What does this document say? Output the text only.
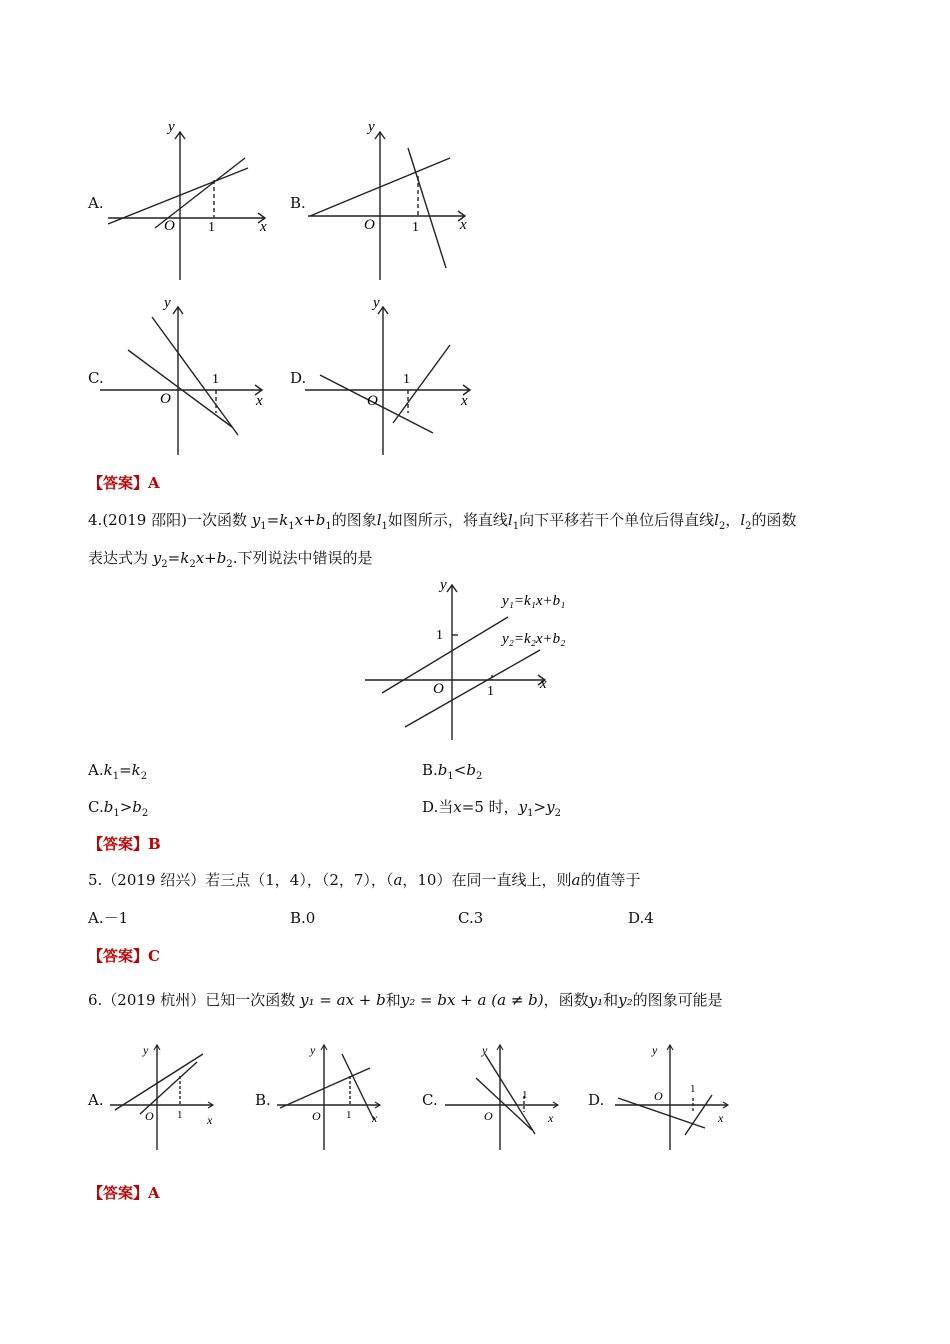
A.
y
x
O 1
B.
y
x
O	1
C.
y
x
O
1	D.
y
x
O
1
【答案】A
4.(2019 邵阳)一次函数 $y_1=k_1x+b_1$的图象$l_1$如图所示，将直线$l_1$向下平移若干个单位后得直线$l_2$，$l_2$的函数
表达式为 $y_2=k_2x+b_2$.下列说法中错误的是
y
x
O
1
1
y₁=k₁x+b₁
y₂=k₂x+b₂
$A.k_1=k_2$	$B.b_1<b_2$
$C.b_1>b_2$	D.当x=5 时，$y_1>y_2$
【答案】B
5.（2019 绍兴）若三点（1，4），（2，7），（a，10）在同一直线上，则a的值等于
A.－1	B.0	C.3	D.4
【答案】C
6.（2019 杭州）已知一次函数 y₁ = ax + b和y₂ = bx + a (a ≠ b)，函数y₁和y₂的图象可能是
A.
y
x
O 1
B.
y
x
O 1
C.
y
x
O
1	D.
y
x
O 1
【答案】A
